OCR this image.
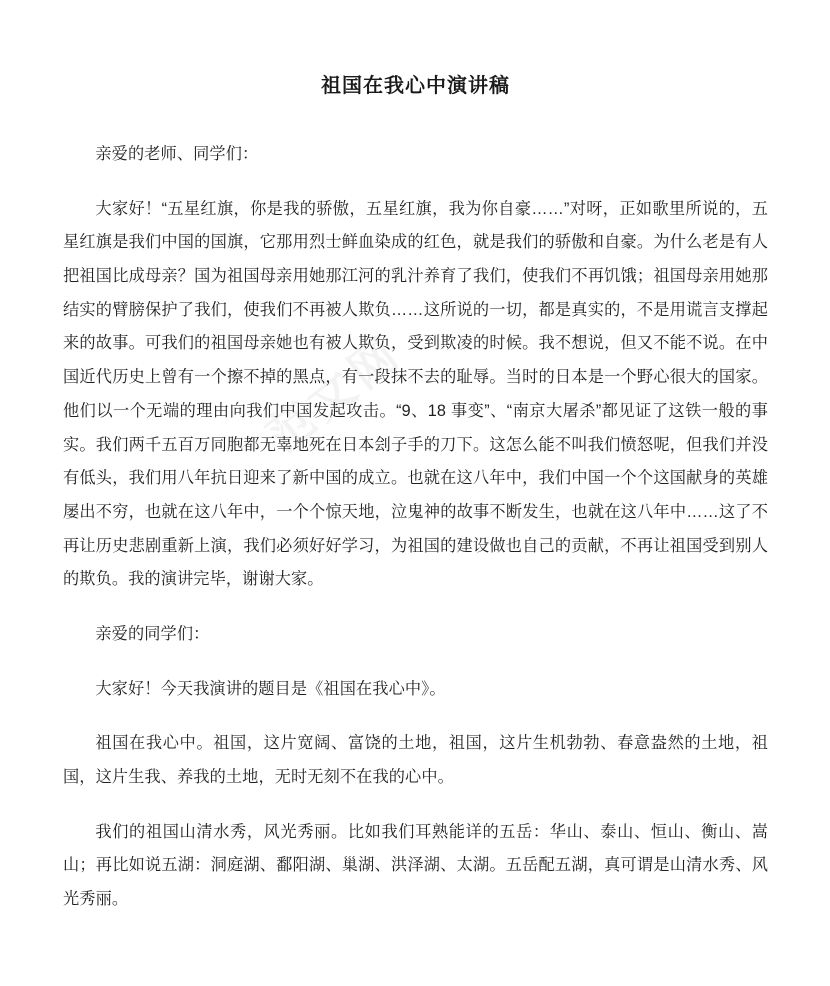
范文网
祖国在我心中演讲稿

亲爱的老师、同学们：

大家好！“五星红旗，你是我的骄傲，五星红旗，我为你自豪……”对呀，正如歌里所说的，五星红旗是我们中国的国旗，它那用烈士鲜血染成的红色，就是我们的骄傲和自豪。为什么老是有人把祖国比成母亲？国为祖国母亲用她那江河的乳汁养育了我们，使我们不再饥饿；祖国母亲用她那结实的臂膀保护了我们，使我们不再被人欺负……这所说的一切，都是真实的，不是用谎言支撑起来的故事。可我们的祖国母亲她也有被人欺负，受到欺凌的时候。我不想说，但又不能不说。在中国近代历史上曾有一个擦不掉的黑点，有一段抹不去的耻辱。当时的日本是一个野心很大的国家。他们以一个无端的理由向我们中国发起攻击。“9、18 事变”、“南京大屠杀”都见证了这铁一般的事实。我们两千五百万同胞都无辜地死在日本刽子手的刀下。这怎么能不叫我们愤怒呢，但我们并没有低头，我们用八年抗日迎来了新中国的成立。也就在这八年中，我们中国一个个这国献身的英雄屡出不穷，也就在这八年中，一个个惊天地，泣鬼神的故事不断发生，也就在这八年中……这了不再让历史悲剧重新上演，我们必须好好学习，为祖国的建设做也自己的贡献，不再让祖国受到别人的欺负。我的演讲完毕，谢谢大家。

亲爱的同学们：

大家好！今天我演讲的题目是《祖国在我心中》。

祖国在我心中。祖国，这片宽阔、富饶的土地，祖国，这片生机勃勃、春意盎然的土地，祖国，这片生我、养我的土地，无时无刻不在我的心中。

我们的祖国山清水秀，风光秀丽。比如我们耳熟能详的五岳：华山、泰山、恒山、衡山、嵩山；再比如说五湖：洞庭湖、鄱阳湖、巢湖、洪泽湖、太湖。五岳配五湖，真可谓是山清水秀、风光秀丽。
